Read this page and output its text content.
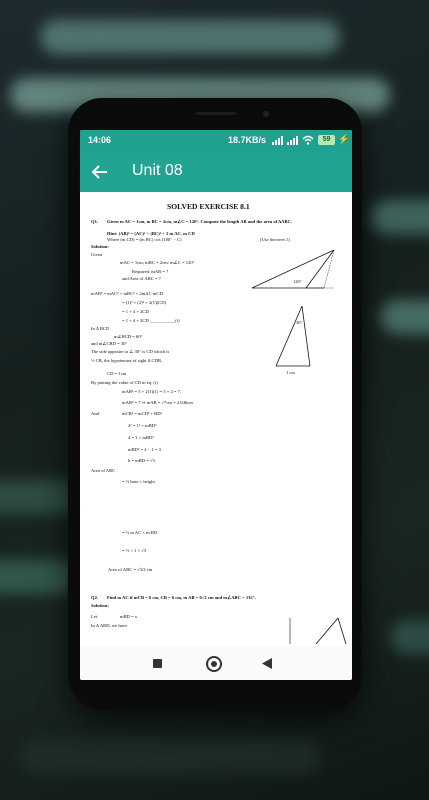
14:06	18.7KB/s	59 ⚡
Unit 08
SOLVED EXERCISE 8.1
Q1. Given m AC = 1cm, m BC = 2cm, m∠C = 120°. Compute the length AB and the area of ΔABC.
Hint: (AB)² = (AC)² + (BC)² + 2 m AC. m CD
Where (m CD) = (m BC) cos (180° − C)	(Use theorem 1).
Solution:
Given
mAC = 1cm; mBC = 2cm; m∠C = 120°
Required: mAB = ?
and Area of ABC = ?
mAB² = mAC² + mBC² + 2mAC mCD
= (1)² + (2)² + 2(1)(CD)
= 1 + 4 + 2CD
= 1 + 4 + 2CD ___________(i)
In Δ BCD
m∠BCD = 60°
and m∠CBD = 30°
The side opposite to ∠ 30° is CD which is
½ CB, the hypotenuse of right Δ CDB.
CD = 1cm
By putting the value of CD in eq. (i)
mAB² = 5 + 2(1)(1) = 5 + 2 = 7,
mAB² = 7 ⇒ mAB = √7cm = 2.646cm
And	mCB² = mCD² + BD²
2² = 1² + mBD²
4 = 1 + mBD²
mBD² = 4 − 1 = 3
h = mBD = √3
Area of ABC
= ½ base × height
= ½ m AC × m BD
= ½ × 1 × √3
Area of ABC = √3/2 cm
Q2. Find m AC if mCB = 6 cm, CB = 6 cm, m AB = 6√2 cm and m∠ABC = 135°.
Solution:
Let	mBD = x
In Δ ABD, we have
120°
30°
1 cm
